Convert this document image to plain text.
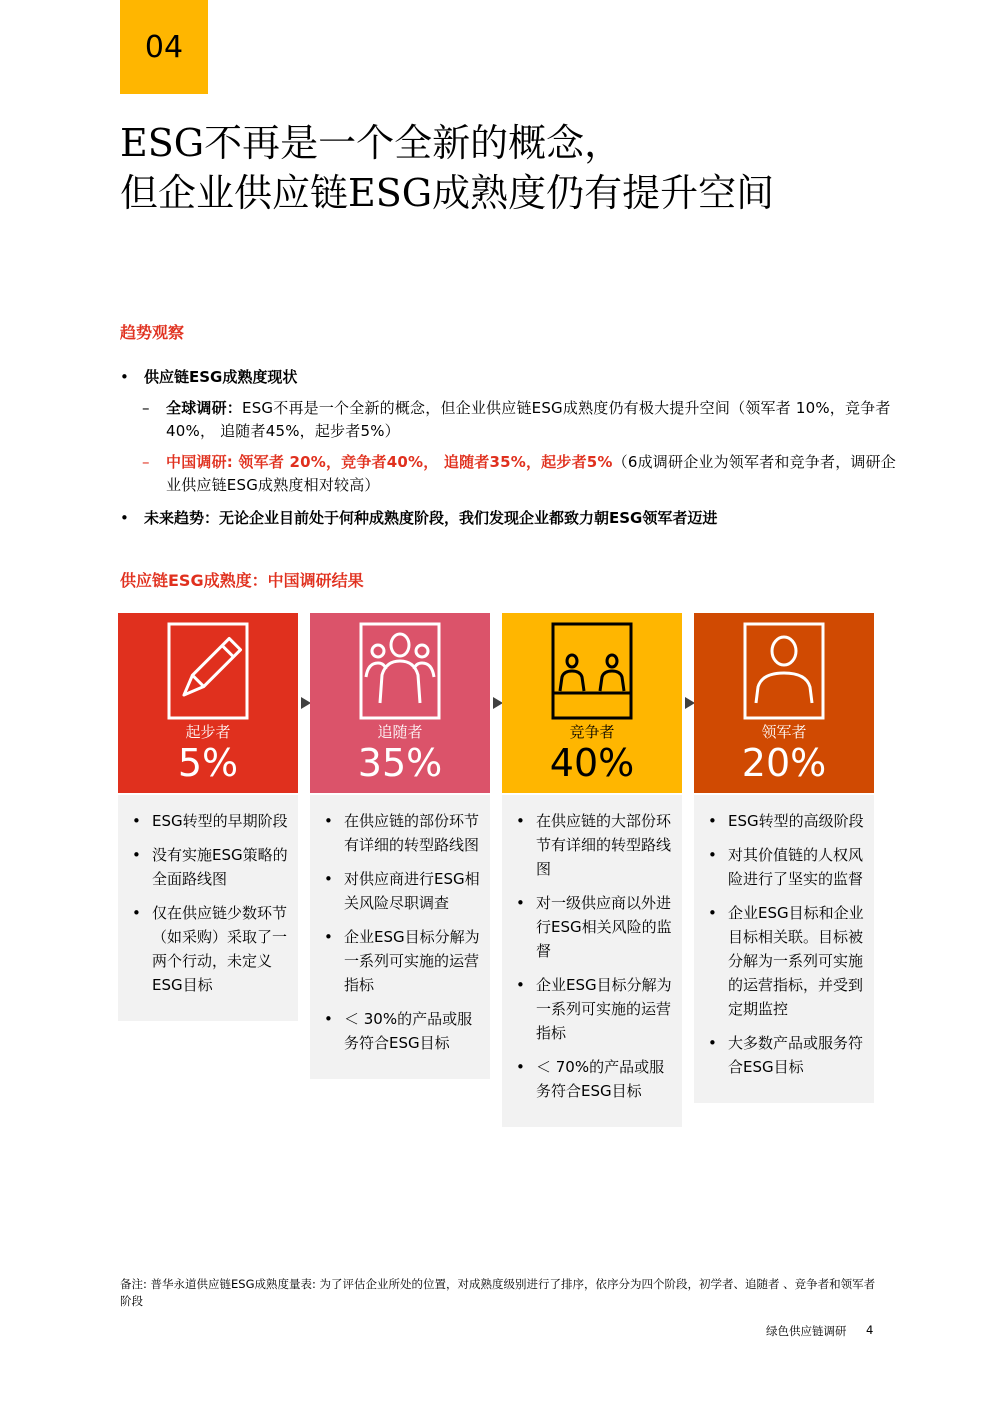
04
ESG不再是一个全新的概念，
但企业供应链ESG成熟度仍有提升空间
趋势观察
• 供应链ESG成熟度现状
– 全球调研：ESG不再是一个全新的概念，但企业供应链ESG成熟度仍有极大提升空间（领军者 10%，竞争者40%， 追随者45%，起步者5%）
– 中国调研: 领军者 20%，竞争者40%， 追随者35%，起步者5%（6成调研企业为领军者和竞争者，调研企业供应链ESG成熟度相对较高）
• 未来趋势：无论企业目前处于何种成熟度阶段，我们发现企业都致力朝ESG领军者迈进
供应链ESG成熟度：中国调研结果
起步者
5%
• ESG转型的早期阶段
• 没有实施ESG策略的全面路线图
• 仅在供应链少数环节（如采购）采取了一两个行动，未定义ESG目标
追随者
35%
• 在供应链的部份环节有详细的转型路线图
• 对供应商进行ESG相关风险尽职调查
• 企业ESG目标分解为一系列可实施的运营指标
• ＜ 30%的产品或服务符合ESG目标
竞争者
40%
• 在供应链的大部份环节有详细的转型路线图
• 对一级供应商以外进行ESG相关风险的监督
• 企业ESG目标分解为一系列可实施的运营指标
• ＜ 70%的产品或服务符合ESG目标
领军者
20%
• ESG转型的高级阶段
• 对其价值链的人权风险进行了坚实的监督
• 企业ESG目标和企业目标相关联。目标被分解为一系列可实施的运营指标，并受到定期监控
• 大多数产品或服务符合ESG目标

备注: 普华永道供应链ESG成熟度量表: 为了评估企业所处的位置，对成熟度级别进行了排序，依序分为四个阶段，初学者、追随者 、竞争者和领军者阶段

绿色供应链调研 4
